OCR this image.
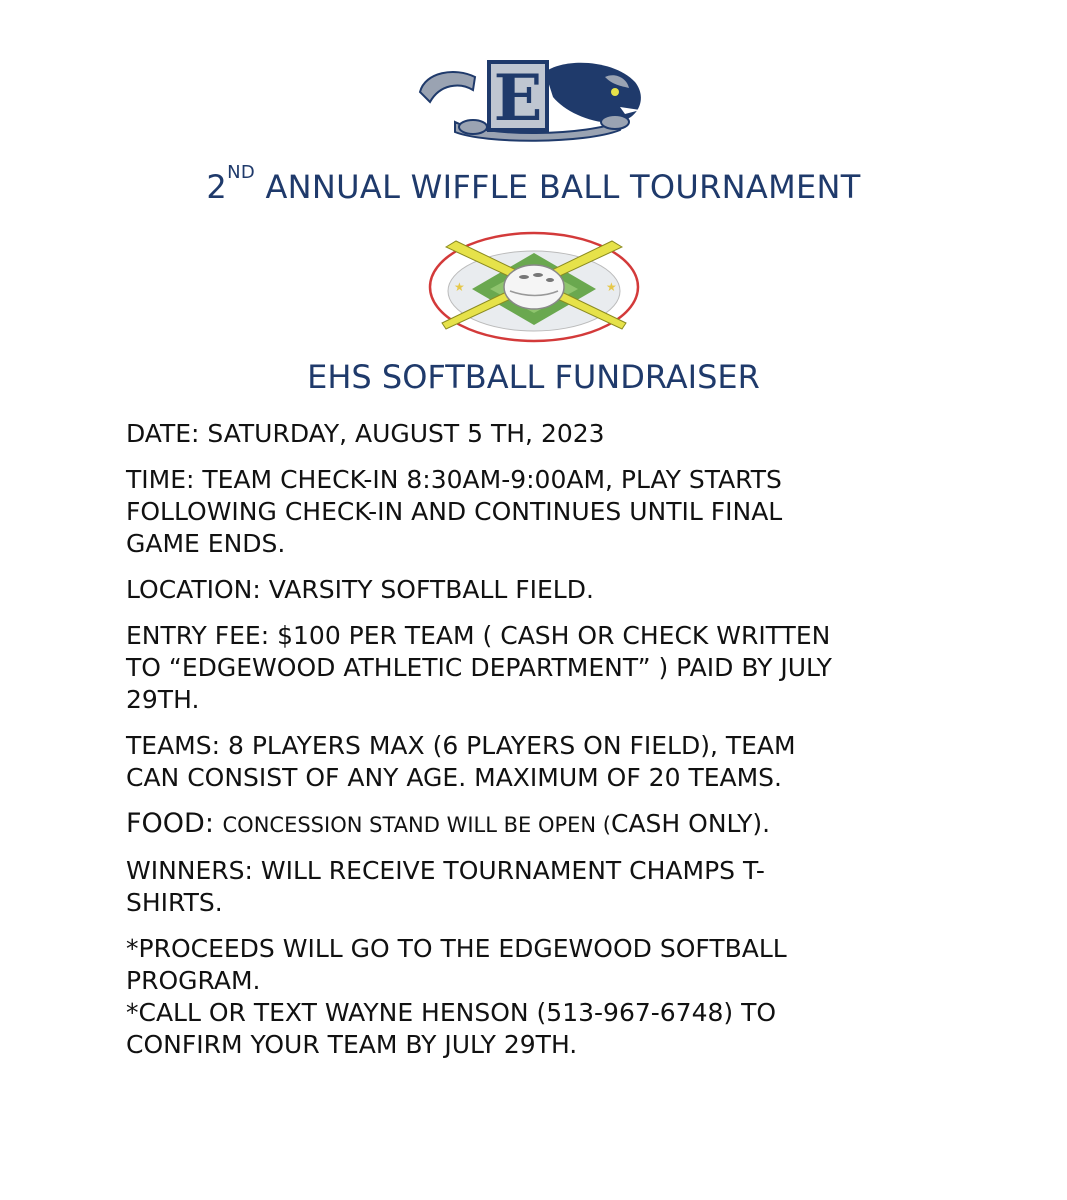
E
2ND ANNUAL WIFFLE BALL TOURNAMENT
★	★
EHS SOFTBALL FUNDRAISER

DATE: SATURDAY, AUGUST 5 TH, 2023

TIME: TEAM CHECK-IN 8:30AM-9:00AM, PLAY STARTS
FOLLOWING CHECK-IN AND CONTINUES UNTIL FINAL
GAME ENDS.

LOCATION: VARSITY SOFTBALL FIELD.

ENTRY FEE: $100 PER TEAM ( CASH OR CHECK WRITTEN
TO “EDGEWOOD ATHLETIC DEPARTMENT” ) PAID BY JULY
29TH.

TEAMS: 8 PLAYERS MAX (6 PLAYERS ON FIELD), TEAM
CAN CONSIST OF ANY AGE. MAXIMUM OF 20 TEAMS.

FOOD: CONCESSION STAND WILL BE OPEN (CASH ONLY).

WINNERS: WILL RECEIVE TOURNAMENT CHAMPS T-
SHIRTS.

*PROCEEDS WILL GO TO THE EDGEWOOD SOFTBALL
PROGRAM.
*CALL OR TEXT WAYNE HENSON (513-967-6748) TO
CONFIRM YOUR TEAM BY JULY 29TH.
